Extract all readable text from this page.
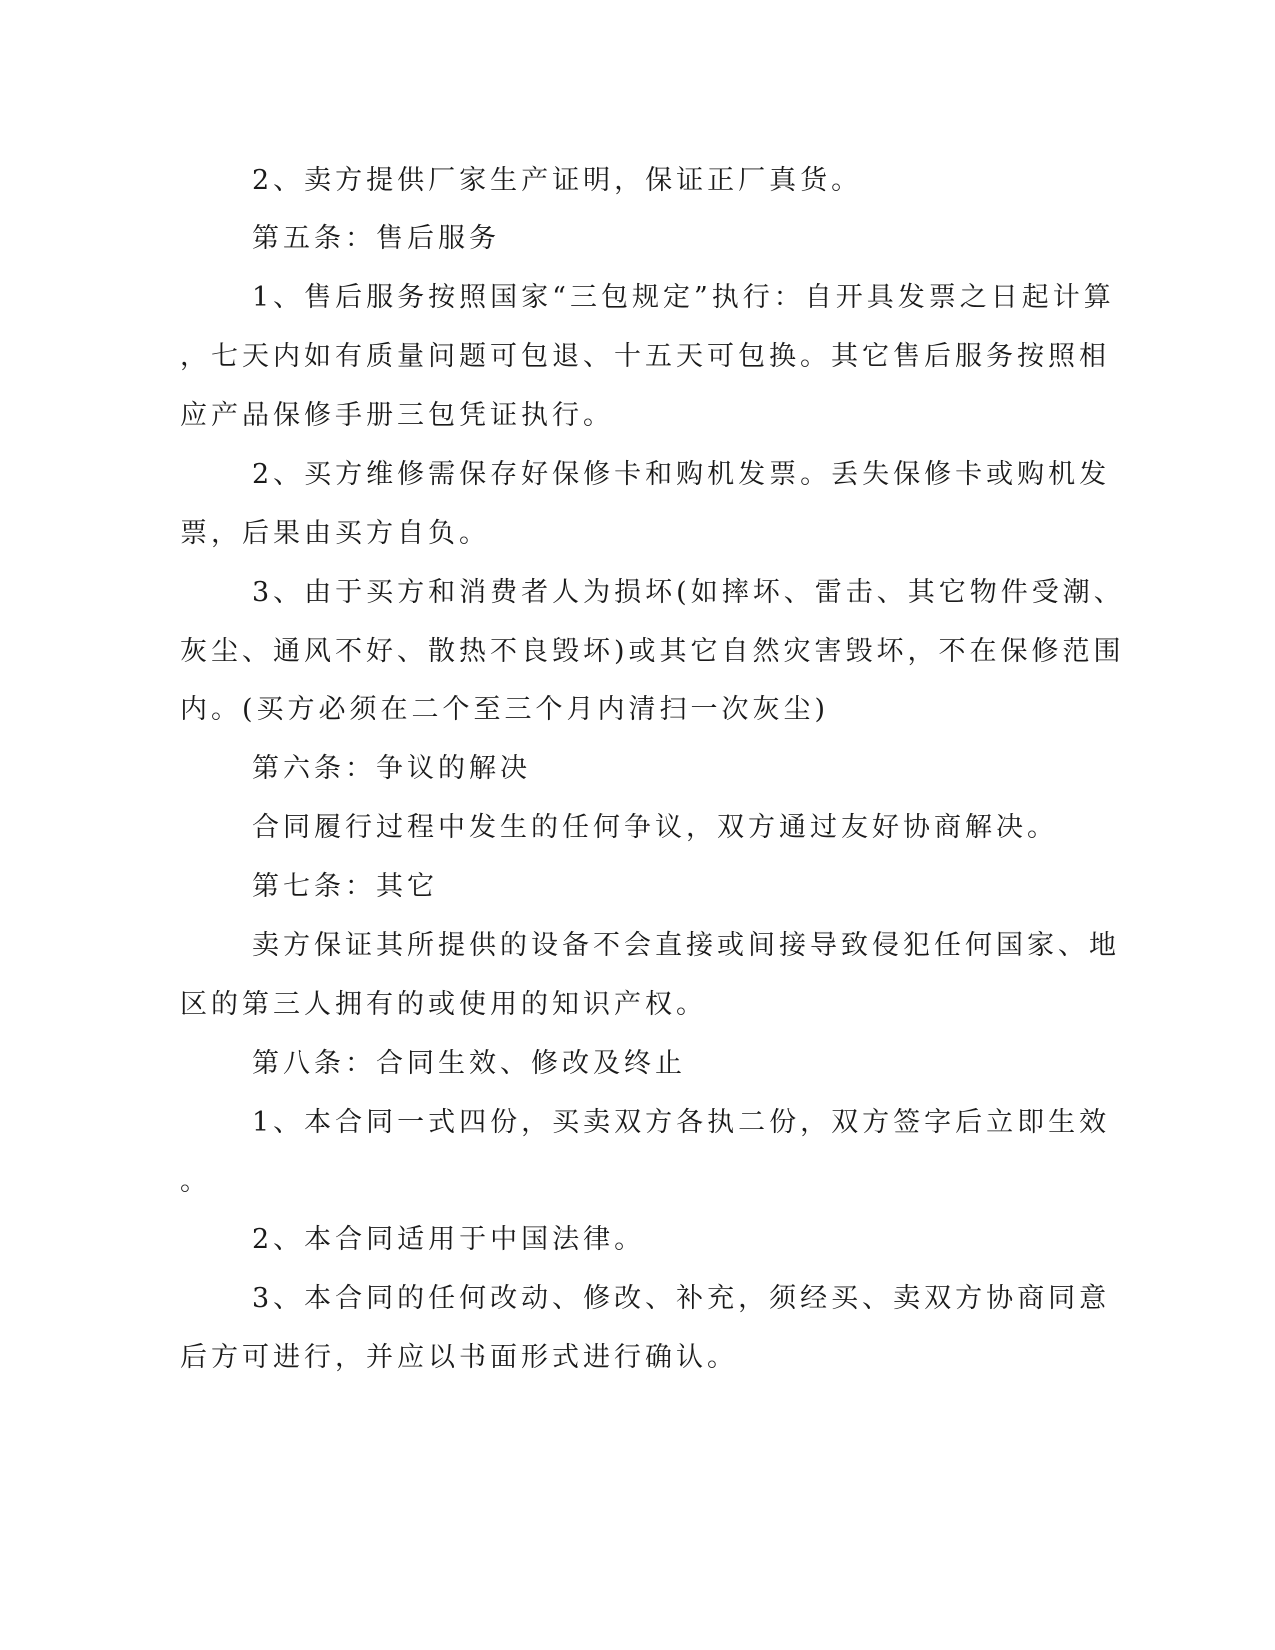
2、卖方提供厂家生产证明，保证正厂真货。

第五条：售后服务

1、售后服务按照国家“三包规定”执行：自开具发票之日起计算

，七天内如有质量问题可包退、十五天可包换。其它售后服务按照相

应产品保修手册三包凭证执行。

2、买方维修需保存好保修卡和购机发票。丢失保修卡或购机发

票，后果由买方自负。

3、由于买方和消费者人为损坏(如摔坏、雷击、其它物件受潮、

灰尘、通风不好、散热不良毁坏)或其它自然灾害毁坏，不在保修范围

内。(买方必须在二个至三个月内清扫一次灰尘)

第六条：争议的解决

合同履行过程中发生的任何争议，双方通过友好协商解决。

第七条：其它

卖方保证其所提供的设备不会直接或间接导致侵犯任何国家、地

区的第三人拥有的或使用的知识产权。

第八条：合同生效、修改及终止

1、本合同一式四份，买卖双方各执二份，双方签字后立即生效

。

2、本合同适用于中国法律。

3、本合同的任何改动、修改、补充，须经买、卖双方协商同意

后方可进行，并应以书面形式进行确认。
